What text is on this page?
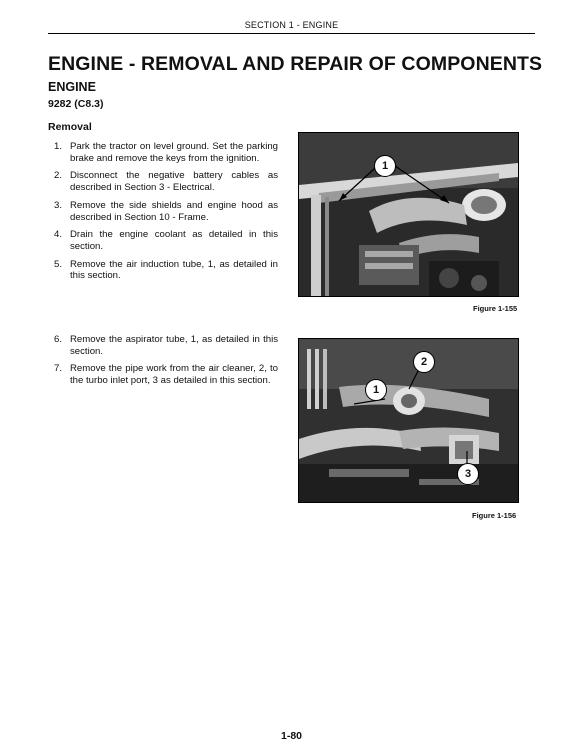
SECTION 1 - ENGINE
ENGINE - REMOVAL AND REPAIR OF COMPONENTS
ENGINE
9282 (C8.3)
Removal
1. Park the tractor on level ground. Set the parking brake and remove the keys from the ignition.
2. Disconnect the negative battery cables as described in Section 3 - Electrical.
3. Remove the side shields and engine hood as described in Section 10 - Frame.
4. Drain the engine coolant as detailed in this section.
5. Remove the air induction tube, 1, as detailed in this section.
6. Remove the aspirator tube, 1, as detailed in this section.
7. Remove the pipe work from the air cleaner, 2, to the turbo inlet port, 3 as detailed in this section.
1
Figure 1-155
2
1
3
Figure 1-156
1-80
